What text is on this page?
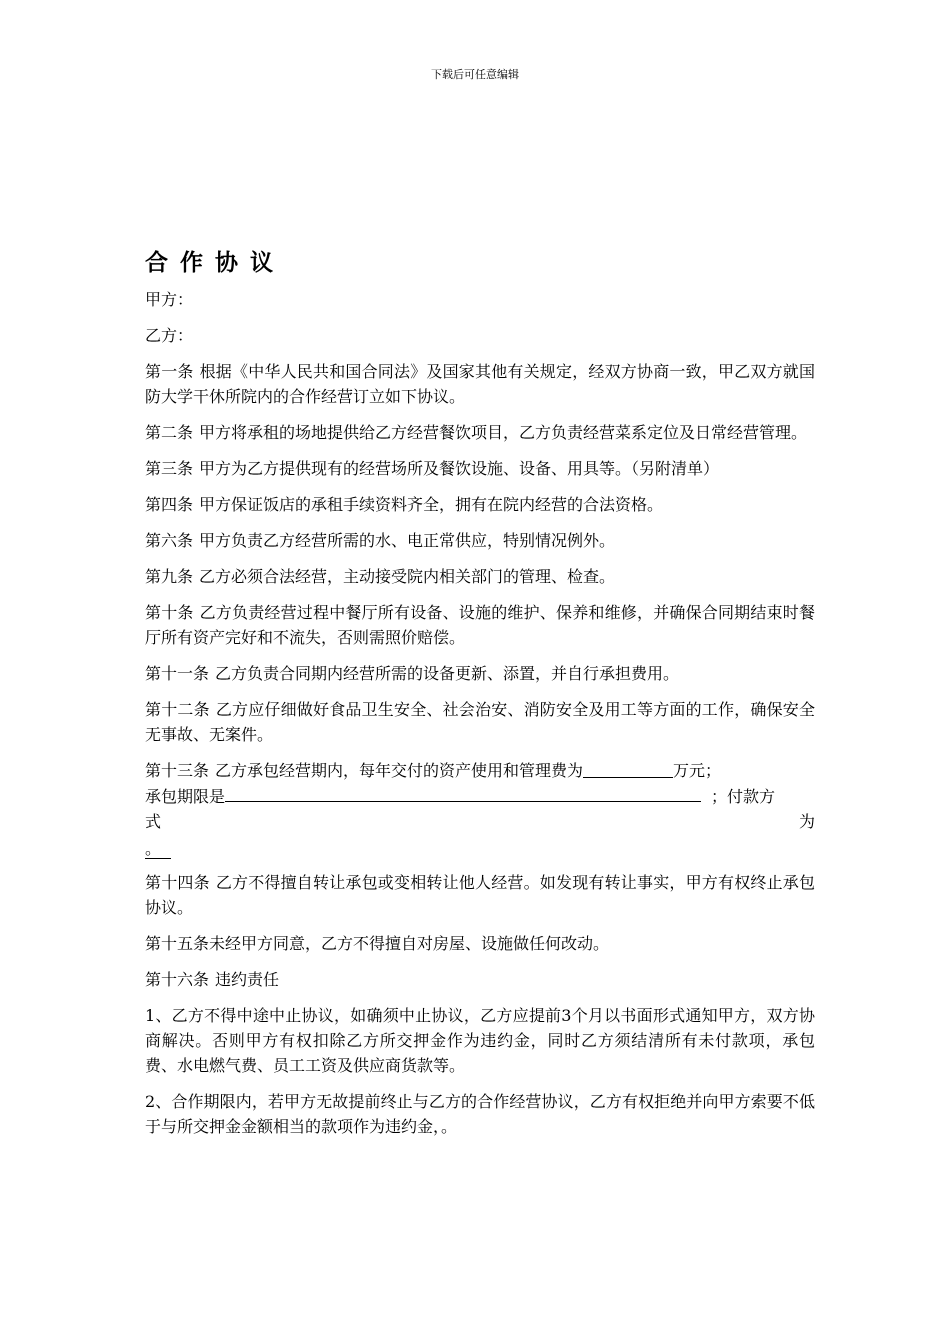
下载后可任意编辑
合作协议
甲方：
乙方：
第一条 根据《中华人民共和国合同法》及国家其他有关规定，经双方协商一致，甲乙双方就国防大学干休所院内的合作经营订立如下协议。
第二条 甲方将承租的场地提供给乙方经营餐饮项目，乙方负责经营菜系定位及日常经营管理。
第三条 甲方为乙方提供现有的经营场所及餐饮设施、设备、用具等。（另附清单）
第四条 甲方保证饭店的承租手续资料齐全，拥有在院内经营的合法资格。
第六条 甲方负责乙方经营所需的水、电正常供应，特别情况例外。
第九条 乙方必须合法经营，主动接受院内相关部门的管理、检查。
第十条 乙方负责经营过程中餐厅所有设备、设施的维护、保养和维修，并确保合同期结束时餐厅所有资产完好和不流失，否则需照价赔偿。
第十一条 乙方负责合同期内经营所需的设备更新、添置，并自行承担费用。
第十二条 乙方应仔细做好食品卫生安全、社会治安、消防安全及用工等方面的工作，确保安全无事故、无案件。
第十三条 乙方承包经营期内，每年交付的资产使用和管理费为	万元；
承包期限是	；付款方
式	为
。
第十四条 乙方不得擅自转让承包或变相转让他人经营。如发现有转让事实，甲方有权终止承包协议。
第十五条未经甲方同意，乙方不得擅自对房屋、设施做任何改动。
第十六条 违约责任
1、乙方不得中途中止协议，如确须中止协议，乙方应提前3个月以书面形式通知甲方，双方协商解决。否则甲方有权扣除乙方所交押金作为违约金，同时乙方须结清所有未付款项，承包费、水电燃气费、员工工资及供应商货款等。
2、合作期限内，若甲方无故提前终止与乙方的合作经营协议，乙方有权拒绝并向甲方索要不低于与所交押金金额相当的款项作为违约金，。
